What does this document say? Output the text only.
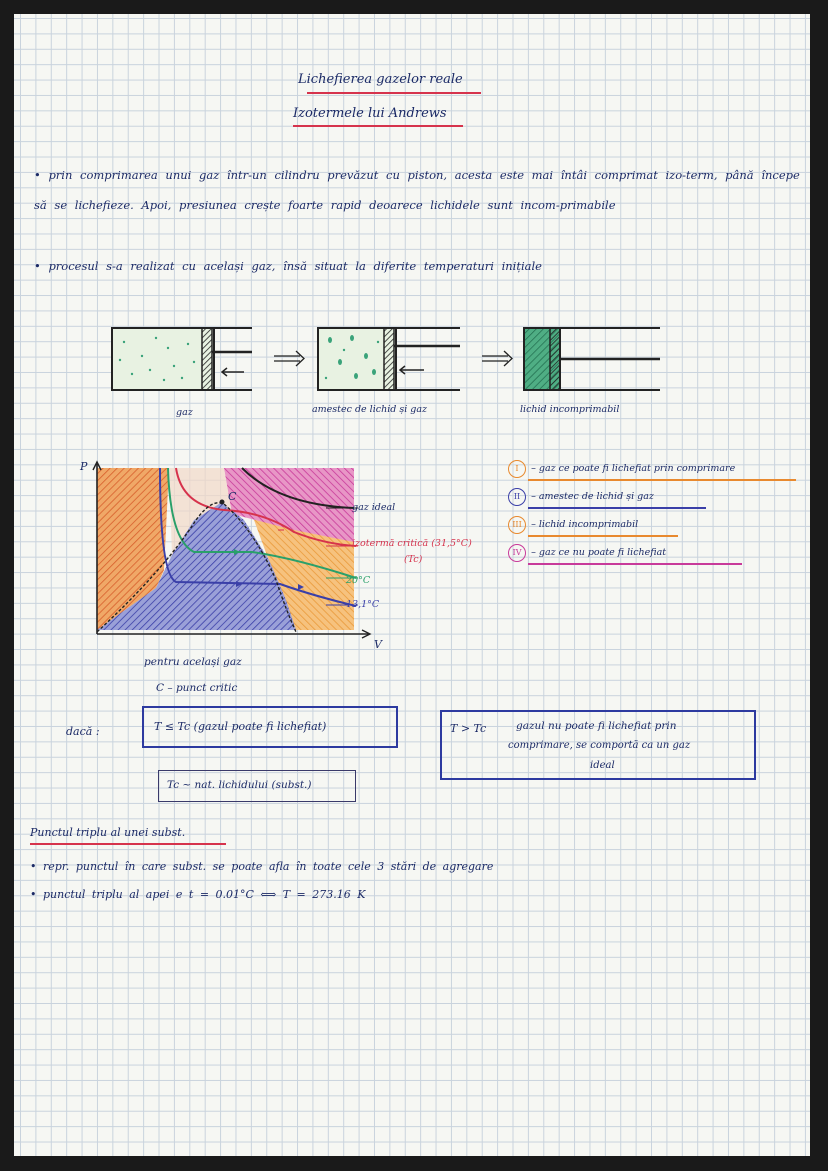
Lichefierea gazelor reale
Izotermele lui Andrews
• prin comprimarea unui gaz într-un cilindru prevăzut cu piston, acesta este mai întâi comprimat izo-term, până începe să se lichefieze. Apoi, presiunea crește foarte rapid deoarece lichidele sunt incom-primabile
• procesul s-a realizat cu același gaz, însă situat la diferite temperaturi inițiale
gaz	amestec de lichid și gaz	lichid incomprimabil
P
V
C
gaz ideal
izotermă critică (31,5°C)
(Tc)
20°C
13,1°C
pentru același gaz
C – punct critic
I – gaz ce poate fi lichefiat prin comprimare
II – amestec de lichid și gaz
III – lichid incomprimabil
IV – gaz ce nu poate fi lichefiat
dacă :	T ≤ Tc (gazul poate fi lichefiat)	T > Tc	gazul nu poate fi lichefiat prin
comprimare, se comportă ca un gaz
ideal
Tc ~ nat. lichidului (subst.)
Punctul triplu al unei subst.
• repr. punctul în care subst. se poate afla în toate cele 3 stări de agregare
• punctul triplu al apei e t = 0.01°C ⟺ T = 273.16 K
